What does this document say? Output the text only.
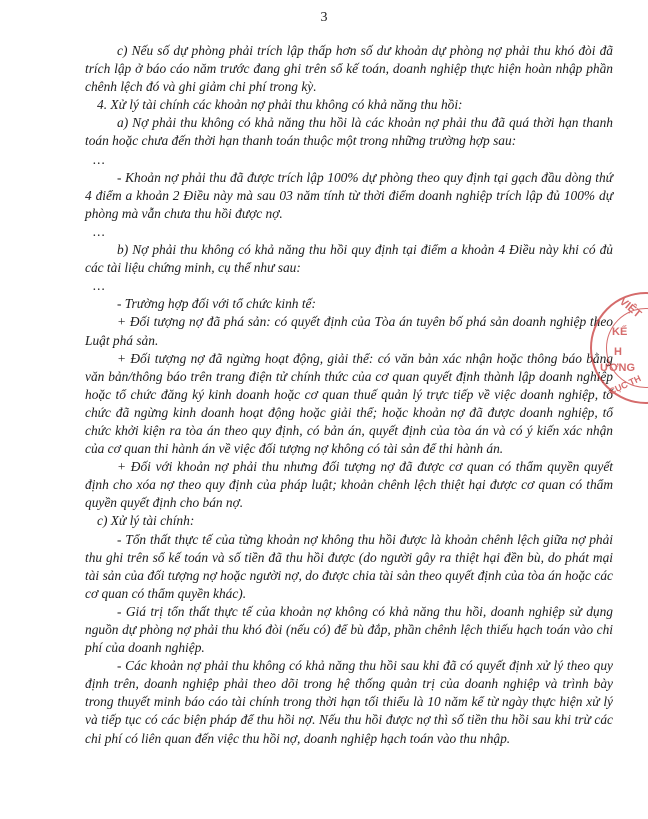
3

c) Nếu số dự phòng phải trích lập thấp hơn số dư khoản dự phòng nợ phải thu khó đòi đã trích lập ở báo cáo năm trước đang ghi trên sổ kế toán, doanh nghiệp thực hiện hoàn nhập phần chênh lệch đó và ghi giảm chi phí trong kỳ.

4. Xử lý tài chính các khoản nợ phải thu không có khả năng thu hồi:

a) Nợ phải thu không có khả năng thu hồi là các khoản nợ phải thu đã quá thời hạn thanh toán hoặc chưa đến thời hạn thanh toán thuộc một trong những trường hợp sau:

...

- Khoản nợ phải thu đã được trích lập 100% dự phòng theo quy định tại gạch đầu dòng thứ 4 điểm a khoản 2 Điều này mà sau 03 năm tính từ thời điểm doanh nghiệp trích lập đủ 100% dự phòng mà vẫn chưa thu hồi được nợ.

...

b) Nợ phải thu không có khả năng thu hồi quy định tại điểm a khoản 4 Điều này khi có đủ các tài liệu chứng minh, cụ thể như sau:

...

- Trường hợp đối với tổ chức kinh tế:

+ Đối tượng nợ đã phá sản: có quyết định của Tòa án tuyên bố phá sản doanh nghiệp theo Luật phá sản.

+ Đối tượng nợ đã ngừng hoạt động, giải thể: có văn bản xác nhận hoặc thông báo bằng văn bản/thông báo trên trang điện tử chính thức của cơ quan quyết định thành lập doanh nghiệp hoặc tổ chức đăng ký kinh doanh hoặc cơ quan thuế quản lý trực tiếp về việc doanh nghiệp, tổ chức đã ngừng kinh doanh hoạt động hoặc giải thể; hoặc khoản nợ đã được doanh nghiệp, tổ chức khởi kiện ra tòa án theo quy định, có bản án, quyết định của tòa án và có ý kiến xác nhận của cơ quan thi hành án về việc đối tượng nợ không có tài sản để thi hành án.

+ Đối với khoản nợ phải thu nhưng đối tượng nợ đã được cơ quan có thẩm quyền quyết định cho xóa nợ theo quy định của pháp luật; khoản chênh lệch thiệt hại được cơ quan có thẩm quyền quyết định cho bán nợ.

c) Xử lý tài chính:

- Tổn thất thực tế của từng khoản nợ không thu hồi được là khoản chênh lệch giữa nợ phải thu ghi trên sổ kế toán và số tiền đã thu hồi được (do người gây ra thiệt hại đền bù, do phát mại tài sản của đối tượng nợ hoặc người nợ, do được chia tài sản theo quyết định của tòa án hoặc các cơ quan có thẩm quyền khác).

- Giá trị tổn thất thực tế của khoản nợ không có khả năng thu hồi, doanh nghiệp sử dụng nguồn dự phòng nợ phải thu khó đòi (nếu có) để bù đắp, phần chênh lệch thiếu hạch toán vào chi phí của doanh nghiệp.

- Các khoản nợ phải thu không có khả năng thu hồi sau khi đã có quyết định xử lý theo quy định trên, doanh nghiệp phải theo dõi trong hệ thống quản trị của doanh nghiệp và trình bày trong thuyết minh báo cáo tài chính trong thời hạn tối thiểu là 10 năm kể từ ngày thực hiện xử lý và tiếp tục có các biện pháp để thu hồi nợ. Nếu thu hồi được nợ thì số tiền thu hồi sau khi trừ các chi phí có liên quan đến việc thu hồi nợ, doanh nghiệp hạch toán vào thu nhập.

VIỆT
KẾ
H
ƯƠNG
CỤC TH
